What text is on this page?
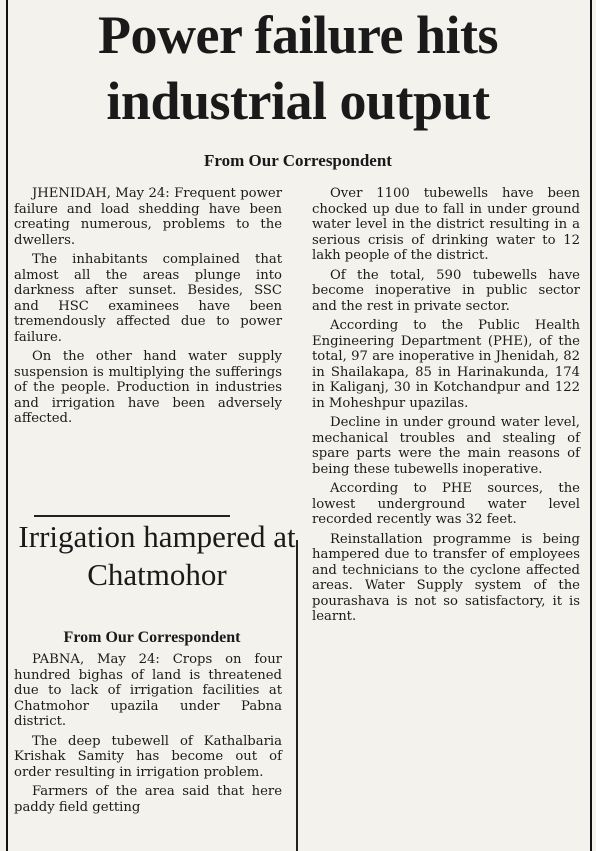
Power failure hits industrial output
From Our Correspondent

JHENIDAH, May 24: Frequent power failure and load shedding have been creating numerous, problems to the dwellers.

The inhabitants complained that almost all the areas plunge into darkness after sunset. Besides, SSC and HSC examinees have been tremendously affected due to power failure.

On the other hand water supply suspension is multiplying the sufferings of the people. Production in industries and irrigation have been adversely affected.

Over 1100 tubewells have been chocked up due to fall in under ground water level in the district resulting in a serious crisis of drinking water to 12 lakh people of the district.

Of the total, 590 tubewells have become inoperative in public sector and the rest in private sector.

According to the Public Health Engineering Department (PHE), of the total, 97 are inoperative in Jhenidah, 82 in Shailakapa, 85 in Harinakunda, 174 in Kaliganj, 30 in Kotchandpur and 122 in Moheshpur upazilas.

Decline in under ground water level, mechanical troubles and stealing of spare parts were the main reasons of being these tubewells inoperative.

According to PHE sources, the lowest underground water level recorded recently was 32 feet.

Reinstallation programme is being hampered due to transfer of employees and technicians to the cyclone affected areas. Water Supply system of the pourashava is not so satisfactory, it is learnt.

Irrigation hampered at Chatmohor
From Our Correspondent

PABNA, May 24: Crops on four hundred bighas of land is threatened due to lack of irrigation facilities at Chatmohor upazila under Pabna district.

The deep tubewell of Kathalbaria Krishak Samity has become out of order resulting in irrigation problem.

Farmers of the area said that here paddy field getting
